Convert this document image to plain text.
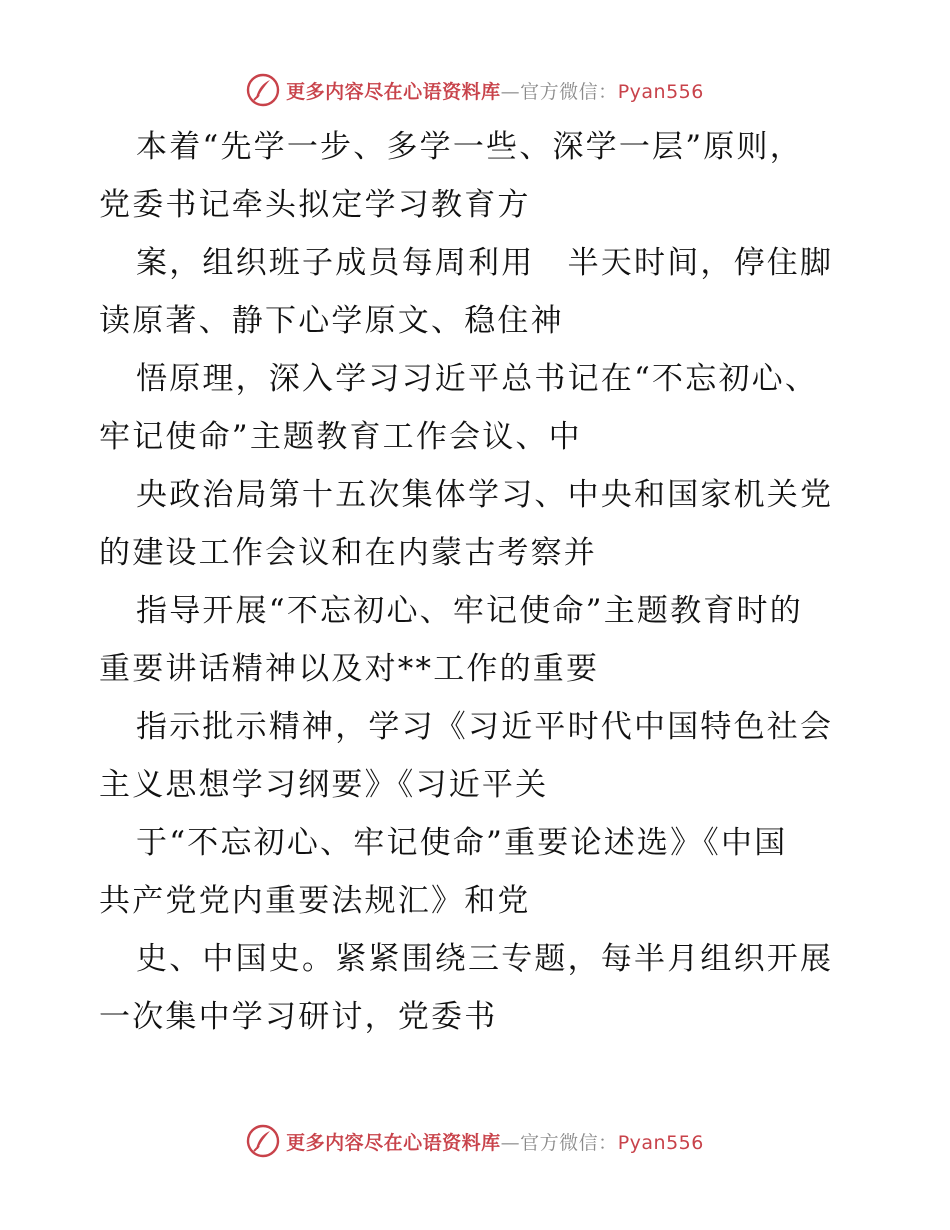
更多内容尽在心语资料库—官方微信：Pyan556
本着“先学一步、多学一些、深学一层”原则，
党委书记牵头拟定学习教育方
案，组织班子成员每周利用　半天时间，停住脚
读原著、静下心学原文、稳住神
悟原理，深入学习习近平总书记在“不忘初心、
牢记使命”主题教育工作会议、中
央政治局第十五次集体学习、中央和国家机关党
的建设工作会议和在内蒙古考察并
指导开展“不忘初心、牢记使命”主题教育时的
重要讲话精神以及对**工作的重要
指示批示精神，学习《习近平时代中国特色社会
主义思想学习纲要》《习近平关
于“不忘初心、牢记使命”重要论述选》《中国
共产党党内重要法规汇》和党
史、中国史。紧紧围绕三专题，每半月组织开展
一次集中学习研讨，党委书
更多内容尽在心语资料库—官方微信：Pyan556
